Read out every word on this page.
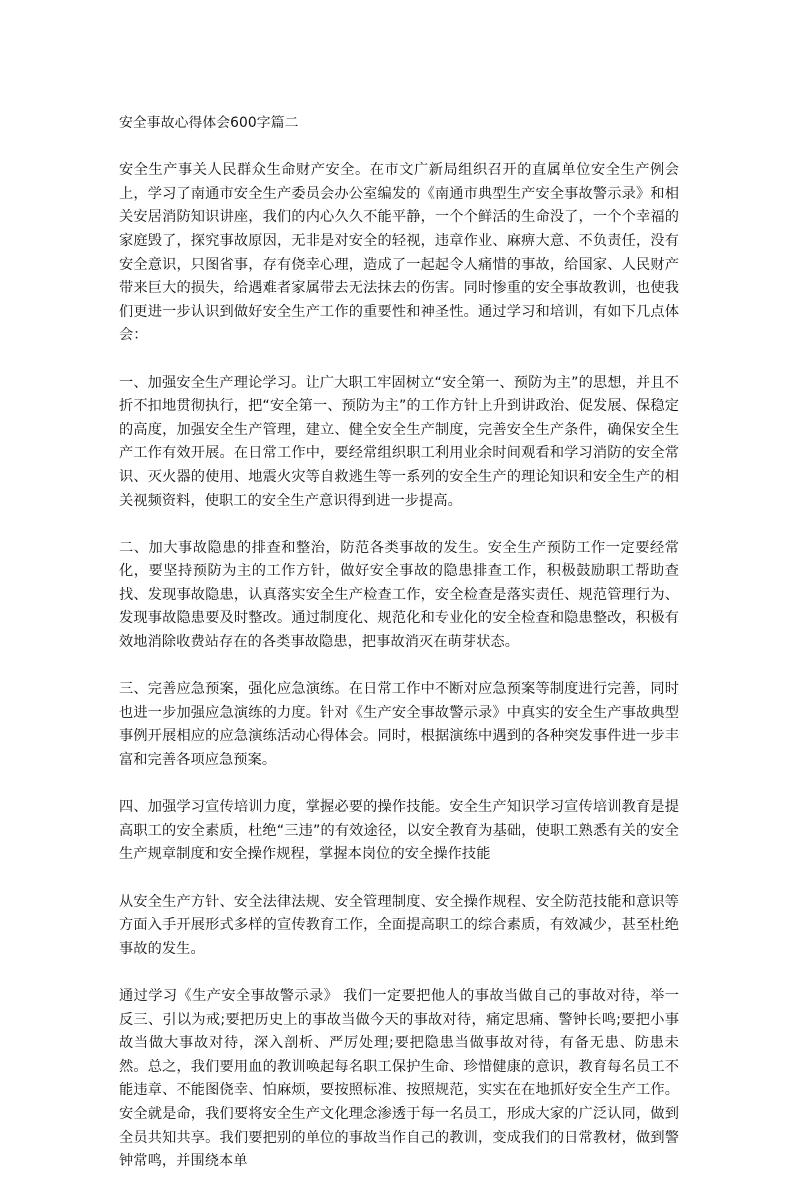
安全事故心得体会600字篇二

安全生产事关人民群众生命财产安全。在市文广新局组织召开的直属单位安全生产例会上，学习了南通市安全生产委员会办公室编发的《南通市典型生产安全事故警示录》和相关安居消防知识讲座，我们的内心久久不能平静，一个个鲜活的生命没了，一个个幸福的家庭毁了，探究事故原因，无非是对安全的轻视，违章作业、麻痹大意、不负责任，没有安全意识，只图省事，存有侥幸心理，造成了一起起令人痛惜的事故，给国家、人民财产带来巨大的损失，给遇难者家属带去无法抹去的伤害。同时惨重的安全事故教训，也使我们更进一步认识到做好安全生产工作的重要性和神圣性。通过学习和培训，有如下几点体会：

一、加强安全生产理论学习。让广大职工牢固树立“安全第一、预防为主”的思想，并且不折不扣地贯彻执行，把“安全第一、预防为主”的工作方针上升到讲政治、促发展、保稳定的高度，加强安全生产管理，建立、健全安全生产制度，完善安全生产条件，确保安全生产工作有效开展。在日常工作中，要经常组织职工利用业余时间观看和学习消防的安全常识、灭火器的使用、地震火灾等自救逃生等一系列的安全生产的理论知识和安全生产的相关视频资料，使职工的安全生产意识得到进一步提高。

二、加大事故隐患的排查和整治，防范各类事故的发生。安全生产预防工作一定要经常化，要坚持预防为主的工作方针，做好安全事故的隐患排查工作，积极鼓励职工帮助查找、发现事故隐患，认真落实安全生产检查工作，安全检查是落实责任、规范管理行为、发现事故隐患要及时整改。通过制度化、规范化和专业化的安全检查和隐患整改，积极有效地消除收费站存在的各类事故隐患，把事故消灭在萌芽状态。

三、完善应急预案，强化应急演练。在日常工作中不断对应急预案等制度进行完善，同时也进一步加强应急演练的力度。针对《生产安全事故警示录》中真实的安全生产事故典型事例开展相应的应急演练活动心得体会。同时，根据演练中遇到的各种突发事件进一步丰富和完善各项应急预案。

四、加强学习宣传培训力度，掌握必要的操作技能。安全生产知识学习宣传培训教育是提高职工的安全素质，杜绝“三违”的有效途径，以安全教育为基础，使职工熟悉有关的安全生产规章制度和安全操作规程，掌握本岗位的安全操作技能

从安全生产方针、安全法律法规、安全管理制度、安全操作规程、安全防范技能和意识等方面入手开展形式多样的宣传教育工作，全面提高职工的综合素质，有效减少，甚至杜绝事故的发生。

通过学习《生产安全事故警示录》 我们一定要把他人的事故当做自己的事故对待，举一反三、引以为戒;要把历史上的事故当做今天的事故对待，痛定思痛、警钟长鸣;要把小事故当做大事故对待，深入剖析、严厉处理;要把隐患当做事故对待，有备无患、防患未然。总之，我们要用血的教训唤起每名职工保护生命、珍惜健康的意识，教育每名员工不能违章、不能图侥幸、怕麻烦，要按照标准、按照规范，实实在在地抓好安全生产工作。安全就是命，我们要将安全生产文化理念渗透于每一名员工，形成大家的广泛认同，做到全员共知共享。我们要把别的单位的事故当作自己的教训，变成我们的日常教材，做到警钟常鸣，并围绕本单
